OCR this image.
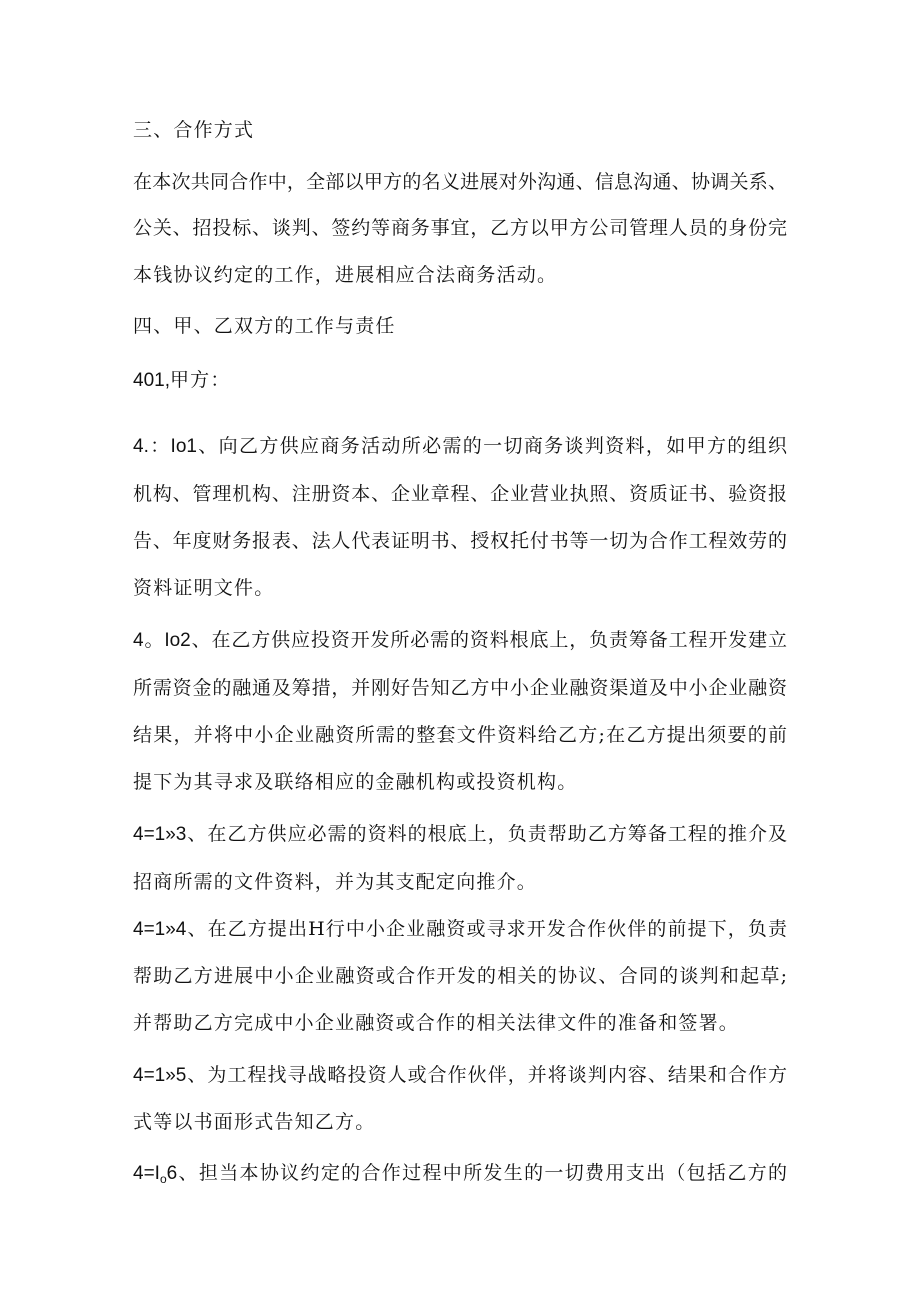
三、合作方式
在本次共同合作中，全部以甲方的名义进展对外沟通、信息沟通、协调关系、
公关、招投标、谈判、签约等商务事宜，乙方以甲方公司管理人员的身份完
本钱协议约定的工作，进展相应合法商务活动。
四、甲、乙双方的工作与责任
401,甲方：
4.：Io1、向乙方供应商务活动所必需的一切商务谈判资料，如甲方的组织
机构、管理机构、注册资本、企业章程、企业营业执照、资质证书、验资报
告、年度财务报表、法人代表证明书、授权托付书等一切为合作工程效劳的
资料证明文件。
4。Io2、在乙方供应投资开发所必需的资料根底上，负责筹备工程开发建立
所需资金的融通及筹措，并刚好告知乙方中小企业融资渠道及中小企业融资
结果，并将中小企业融资所需的整套文件资料给乙方;在乙方提出须要的前
提下为其寻求及联络相应的金融机构或投资机构。
4=1»3、在乙方供应必需的资料的根底上，负责帮助乙方筹备工程的推介及
招商所需的文件资料，并为其支配定向推介。
4=1»4、在乙方提出H行中小企业融资或寻求开发合作伙伴的前提下，负责
帮助乙方进展中小企业融资或合作开发的相关的协议、合同的谈判和起草;
并帮助乙方完成中小企业融资或合作的相关法律文件的准备和签署。
4=1»5、为工程找寻战略投资人或合作伙伴，并将谈判内容、结果和合作方
式等以书面形式告知乙方。
$4=I_o6$、担当本协议约定的合作过程中所发生的一切费用支出（包括乙方的
